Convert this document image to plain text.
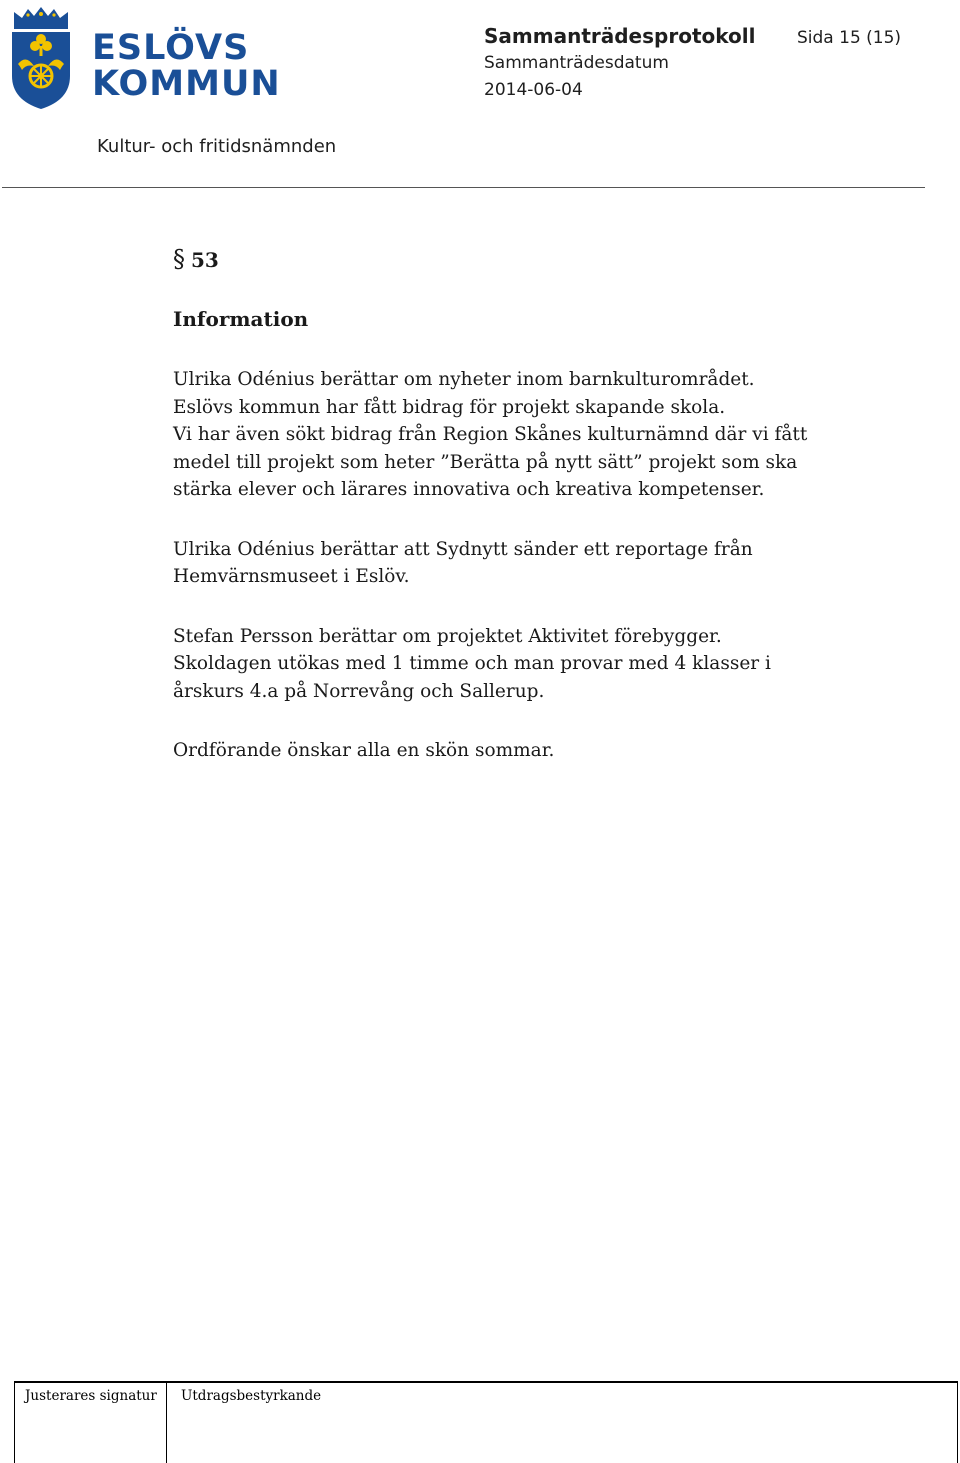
ESLÖVS
KOMMUN
Sammanträdesprotokoll Sida 15 (15)
Sammanträdesdatum
2014-06-04
Kultur- och fritidsnämnden
§ 53
Information

Ulrika Odénius berättar om nyheter inom barnkulturområdet.
Eslövs kommun har fått bidrag för projekt skapande skola.
Vi har även sökt bidrag från Region Skånes kulturnämnd där vi fått
medel till projekt som heter ”Berätta på nytt sätt” projekt som ska
stärka elever och lärares innovativa och kreativa kompetenser.

Ulrika Odénius berättar att Sydnytt sänder ett reportage från
Hemvärnsmuseet i Eslöv.

Stefan Persson berättar om projektet Aktivitet förebygger.
Skoldagen utökas med 1 timme och man provar med 4 klasser i
årskurs 4.a på Norrevång och Sallerup.

Ordförande önskar alla en skön sommar.

Justerares signatur Utdragsbestyrkande
